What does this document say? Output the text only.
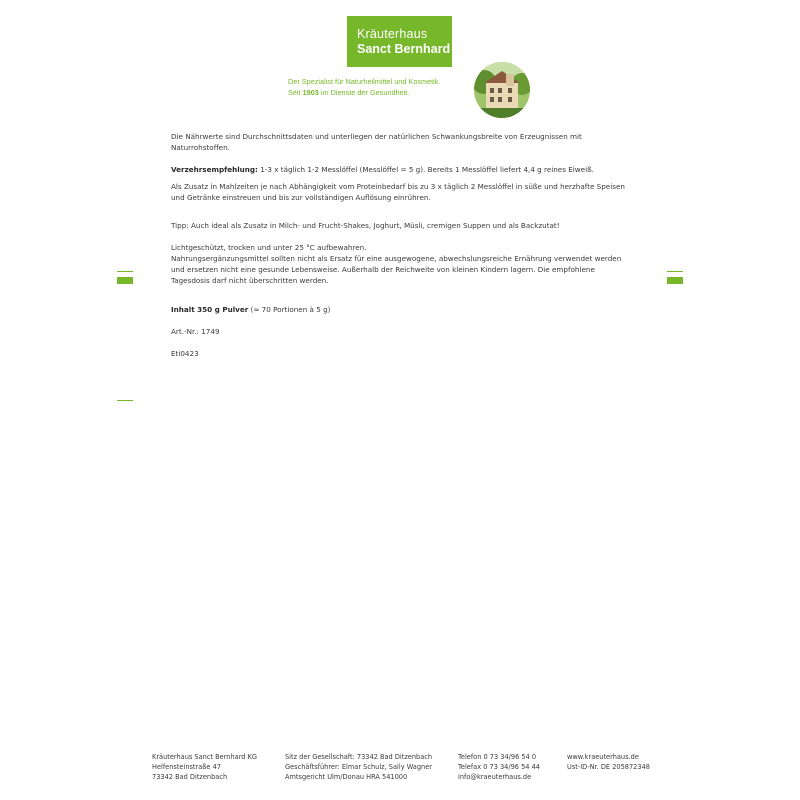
Kräuterhaus
Sanct Bernhard
Der Spezialist für Naturheilmittel und Kosmetik.
Seit 1903 im Dienste der Gesundheit.

Die Nährwerte sind Durchschnittsdaten und unterliegen der natürlichen Schwankungsbreite von Erzeugnissen mit Naturrohstoffen.

Verzehrsempfehlung: 1-3 x täglich 1-2 Messlöffel (Messlöffel = 5 g). Bereits 1 Messlöffel liefert 4,4 g reines Eiweiß.

Als Zusatz in Mahlzeiten je nach Abhängigkeit vom Proteinbedarf bis zu 3 x täglich 2 Messlöffel in süße und herzhafte Speisen und Getränke einstreuen und bis zur vollständigen Auflösung einrühren.

Tipp: Auch ideal als Zusatz in Milch- und Frucht-Shakes, Joghurt, Müsli, cremigen Suppen und als Backzutat!

Lichtgeschützt, trocken und unter 25 °C aufbewahren.

Nahrungsergänzungsmittel sollten nicht als Ersatz für eine ausgewogene, abwechslungsreiche Ernährung verwendet werden und ersetzen nicht eine gesunde Lebensweise. Außerhalb der Reichweite von kleinen Kindern lagern. Die empfohlene Tagesdosis darf nicht überschritten werden.

Inhalt 350 g Pulver (≈ 70 Portionen à 5 g)

Art.-Nr.: 1749

Eti0423

Kräuterhaus Sanct Bernhard KG
Helfensteinstraße 47
73342 Bad Ditzenbach
Sitz der Gesellschaft: 73342 Bad Ditzenbach
Geschäftsführer: Elmar Schulz, Sally Wagner
Amtsgericht Ulm/Donau HRA 541000
Telefon 0 73 34/96 54 0
Telefax 0 73 34/96 54 44
info@kraeuterhaus.de
www.kraeuterhaus.de
Ust-ID-Nr. DE 205872348
